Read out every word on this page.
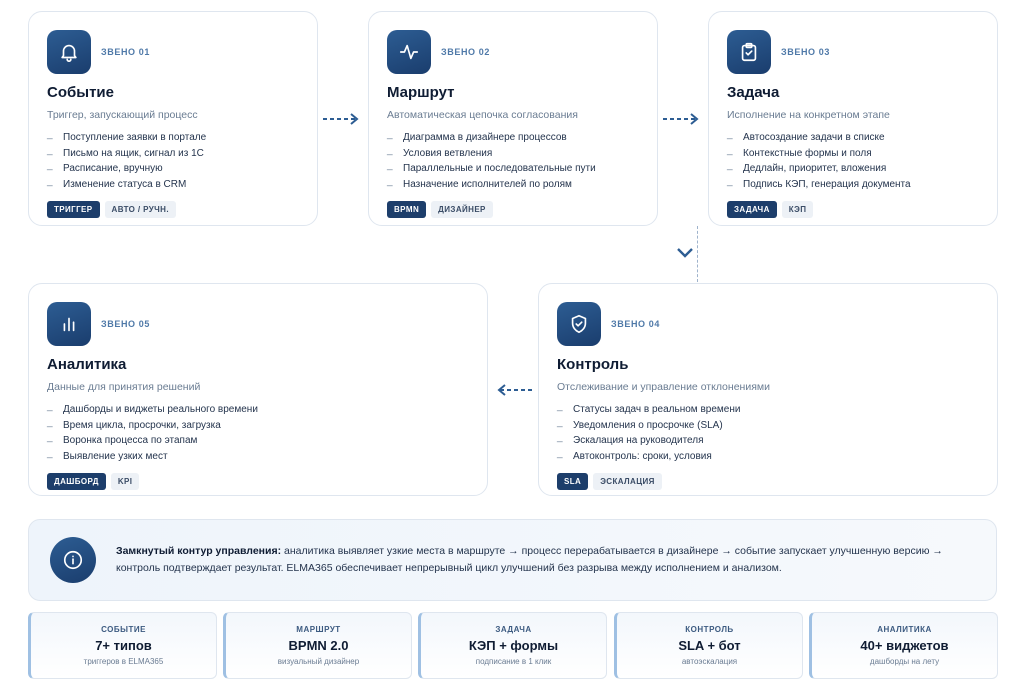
ЗВЕНО 01
Событие
Триггер, запускающий процесс
_ Поступление заявки в портале
_ Письмо на ящик, сигнал из 1С
_ Расписание, вручную
_ Изменение статуса в CRM
ТРИГГЕР	АВТО / РУЧН.
ЗВЕНО 02
Маршрут
Автоматическая цепочка согласования
_ Диаграмма в дизайнере процессов
_ Условия ветвления
_ Параллельные и последовательные пути
_ Назначение исполнителей по ролям
BPMN	ДИЗАЙНЕР
ЗВЕНО 03
Задача
Исполнение на конкретном этапе
_ Автосоздание задачи в списке
_ Контекстные формы и поля
_ Дедлайн, приоритет, вложения
_ Подпись КЭП, генерация документа
ЗАДАЧА	КЭП
ЗВЕНО 05
Аналитика
Данные для принятия решений
_ Дашборды и виджеты реального времени
_ Время цикла, просрочки, загрузка
_ Воронка процесса по этапам
_ Выявление узких мест
ДАШБОРД	KPI
ЗВЕНО 04
Контроль
Отслеживание и управление отклонениями
_ Статусы задач в реальном времени
_ Уведомления о просрочке (SLA)
_ Эскалация на руководителя
_ Автоконтроль: сроки, условия
SLA	ЭСКАЛАЦИЯ

Замкнутый контур управления: аналитика выявляет узкие места в маршруте → процесс перерабатывается в дизайнере → событие запускает улучшенную версию → контроль подтверждает результат. ELMA365 обеспечивает непрерывный цикл улучшений без разрыва между исполнением и анализом.

СОБЫТИЕ
7+ типов
триггеров в ELMA365
МАРШРУТ
BPMN 2.0
визуальный дизайнер
ЗАДАЧА
КЭП + формы
подписание в 1 клик
КОНТРОЛЬ
SLA + бот
автоэскалация
АНАЛИТИКА
40+ виджетов
дашборды на лету
